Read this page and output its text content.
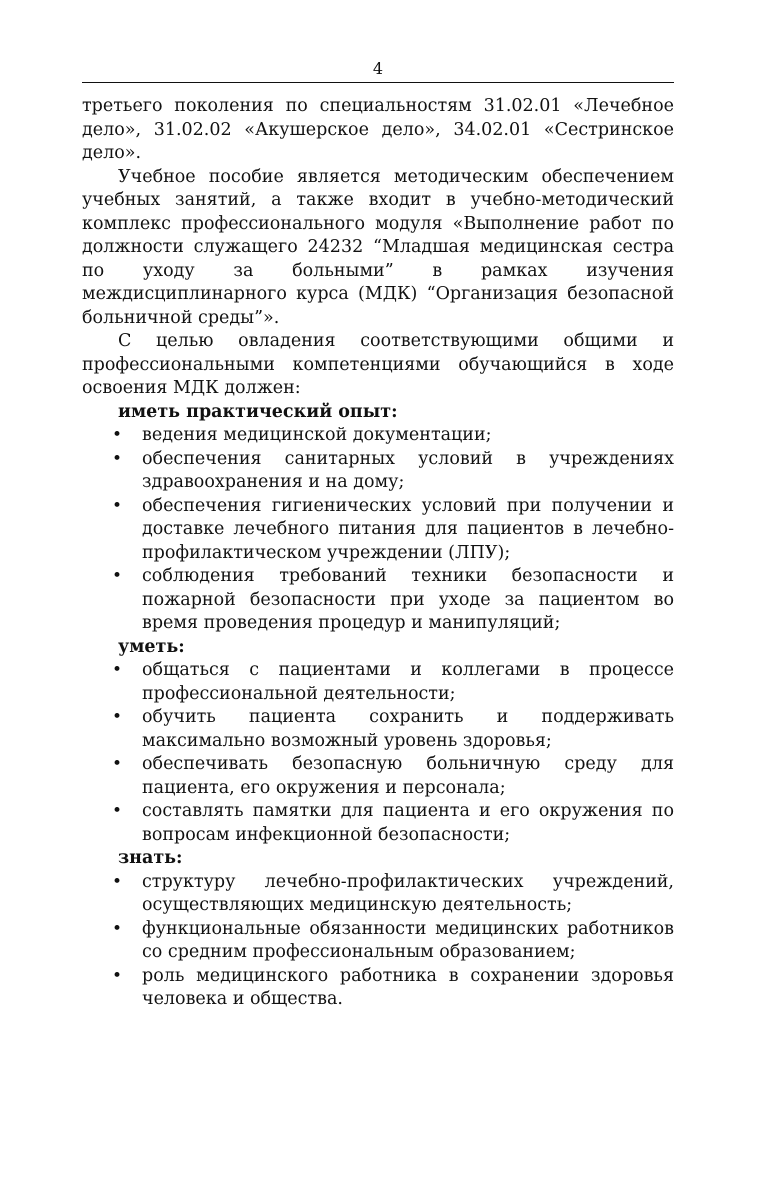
4

третьего поколения по специальностям 31.02.01 «Лечебное дело», 31.02.02 «Акушерское дело», 34.02.01 «Сестринское дело».

Учебное пособие является методическим обеспечением учебных занятий, а также входит в учебно-методический комплекс профессионального модуля «Выполнение работ по должности служащего 24232 “Младшая медицинская сестра по уходу за больными” в рамках изучения междисциплинарного курса (МДК) “Организация безопасной больничной среды”».

С целью овладения соответствующими общими и профессиональными компетенциями обучающийся в ходе освоения МДК должен:

иметь практический опыт:
• ведения медицинской документации;
• обеспечения санитарных условий в учреждениях здравоохранения и на дому;
• обеспечения гигиенических условий при получении и доставке лечебного питания для пациентов в лечебно-профилактическом учреждении (ЛПУ);
• соблюдения требований техники безопасности и пожарной безопасности при уходе за пациентом во время проведения процедур и манипуляций;
уметь:
• общаться с пациентами и коллегами в процессе профессиональной деятельности;
• обучить пациента сохранить и поддерживать максимально возможный уровень здоровья;
• обеспечивать безопасную больничную среду для пациента, его окружения и персонала;
• составлять памятки для пациента и его окружения по вопросам инфекционной безопасности;
знать:
• структуру лечебно-профилактических учреждений, осуществляющих медицинскую деятельность;
• функциональные обязанности медицинских работников со средним профессиональным образованием;
• роль медицинского работника в сохранении здоровья человека и общества.
